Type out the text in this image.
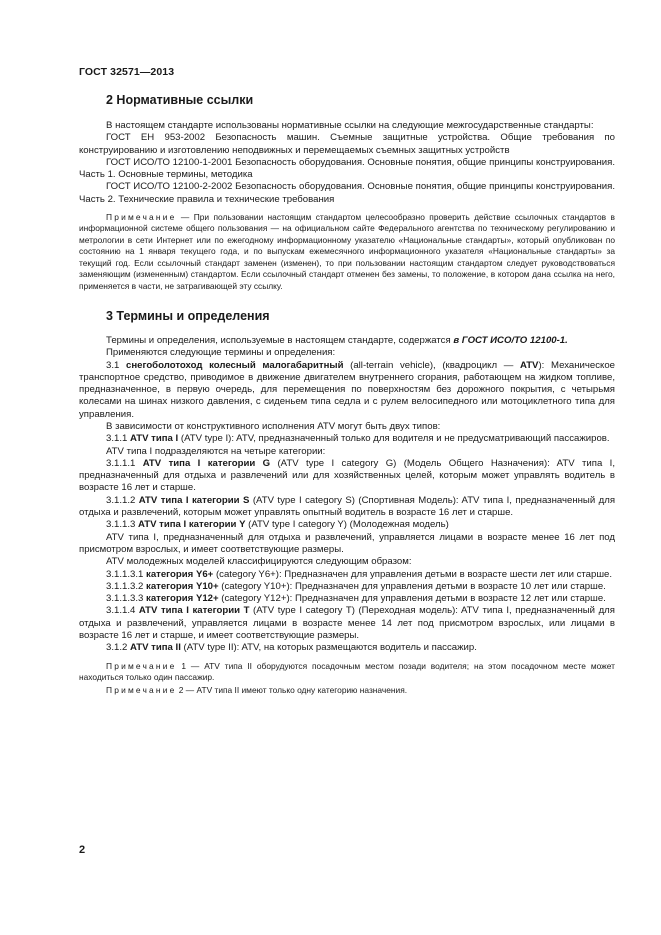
ГОСТ 32571—2013
2 Нормативные ссылки

В настоящем стандарте использованы нормативные ссылки на следующие межгосударственные стандарты:

ГОСТ ЕН 953-2002 Безопасность машин. Съемные защитные устройства. Общие требования по конструированию и изготовлению неподвижных и перемещаемых съемных защитных устройств

ГОСТ ИСО/ТО 12100-1-2001 Безопасность оборудования. Основные понятия, общие принципы конструирования. Часть 1. Основные термины, методика

ГОСТ ИСО/ТО 12100-2-2002 Безопасность оборудования. Основные понятия, общие принципы конструирования. Часть 2. Технические правила и технические требования

Примечание — При пользовании настоящим стандартом целесообразно проверить действие ссылочных стандартов в информационной системе общего пользования — на официальном сайте Федерального агентства по техническому регулированию и метрологии в сети Интернет или по ежегодному информационному указателю «Национальные стандарты», который опубликован по состоянию на 1 января текущего года, и по выпускам ежемесячного информационного указателя «Национальные стандарты» за текущий год. Если ссылочный стандарт заменен (изменен), то при пользовании настоящим стандартом следует руководствоваться заменяющим (измененным) стандартом. Если ссылочный стандарт отменен без замены, то положение, в котором дана ссылка на него, применяется в части, не затрагивающей эту ссылку.

3 Термины и определения

Термины и определения, используемые в настоящем стандарте, содержатся в ГОСТ ИСО/ТО 12100-1.

Применяются следующие термины и определения:

3.1 снегоболотоход колесный малогабаритный (all-terrain vehicle), (квадроцикл — ATV): Механическое транспортное средство, приводимое в движение двигателем внутреннего сгорания, работающем на жидком топливе, предназначенное, в первую очередь, для перемещения по поверхностям без дорожного покрытия, с четырьмя колесами на шинах низкого давления, с сиденьем типа седла и с рулем велосипедного или мотоциклетного типа для управления.

В зависимости от конструктивного исполнения ATV могут быть двух типов:

3.1.1 ATV типа I (ATV type I): ATV, предназначенный только для водителя и не предусматривающий пассажиров.

ATV типа I подразделяются на четыре категории:

3.1.1.1 ATV типа I категории G (ATV type I category G) (Модель Общего Назначения): ATV типа I, предназначенный для отдыха и развлечений или для хозяйственных целей, которым может управлять водитель в возрасте 16 лет и старше.

3.1.1.2 ATV типа I категории S (ATV type I category S) (Спортивная Модель): ATV типа I, предназначенный для отдыха и развлечений, которым может управлять опытный водитель в возрасте 16 лет и старше.

3.1.1.3 ATV типа I категории Y (ATV type I category Y) (Молодежная модель)

ATV типа I, предназначенный для отдыха и развлечений, управляется лицами в возрасте менее 16 лет под присмотром взрослых, и имеет соответствующие размеры.

ATV молодежных моделей классифицируются следующим образом:

3.1.1.3.1 категория Y6+ (category Y6+): Предназначен для управления детьми в возрасте шести лет или старше.

3.1.1.3.2 категория Y10+ (category Y10+): Предназначен для управления детьми в возрасте 10 лет или старше.

3.1.1.3.3 категория Y12+ (category Y12+): Предназначен для управления детьми в возрасте 12 лет или старше.

3.1.1.4 ATV типа I категории T (ATV type I category T) (Переходная модель): ATV типа I, предназначенный для отдыха и развлечений, управляется лицами в возрасте менее 14 лет под присмотром взрослых, или лицами в возрасте 16 лет и старше, и имеет соответствующие размеры.

3.1.2 ATV типа II (ATV type II): ATV, на которых размещаются водитель и пассажир.

Примечание 1 — ATV типа II оборудуются посадочным местом позади водителя; на этом посадочном месте может находиться только один пассажир.

Примечание 2 — ATV типа II имеют только одну категорию назначения.

2
